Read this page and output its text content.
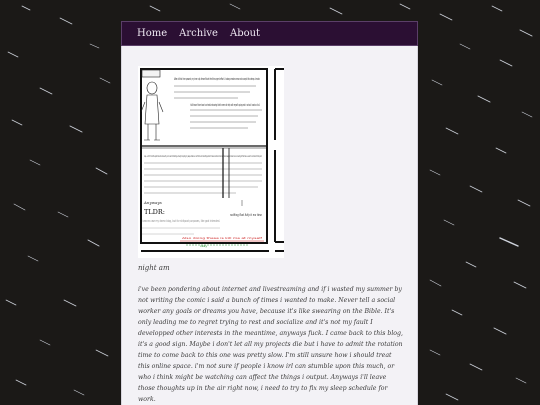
Home Archive About
After all this time passed, my inner slip himself dont feel the urgent effort. It always made sense not accept this sleeps I made.
I still haven't learn how to schedule knowing that it seems for help with myself coping and in school I used as it all.
nope... which I tried the quite the entire tune with you to wait. Something, actually disrupting my sleep schedule or not that is all. Something about it makes me feel I should eat more sleep and relax hours on leading to that feel as usual it's not about to the point.
Anyways
TLDR:
i wanna use my damn blog, but for shitpost purposes, like god intended.
nothing that help it me time
Also doing these is kill me at myself
okay

night am

i've been pondering about internet and livestreaming and if i wasted my summer by not writing the comic i said a bunch of times i wanted to make. Never tell a social worker any goals or dreams you have, because it's like swearing on the Bible. It's only leading me to regret trying to rest and socialize and it's not my fault I developped other interests in the meantime, anyways fuck. I came back to this blog, it's a good sign. Maybe i don't let all my projects die but i have to admit the rotation time to come back to this one was pretty slow. I'm still unsure how i should treat this online space. i'm not sure if people i know irl can stumble upon this much, or who i think might be watching can affect the things i output. Anyways i'll leave those thoughts up in the air right now, i need to try to fix my sleep schedule for work.
